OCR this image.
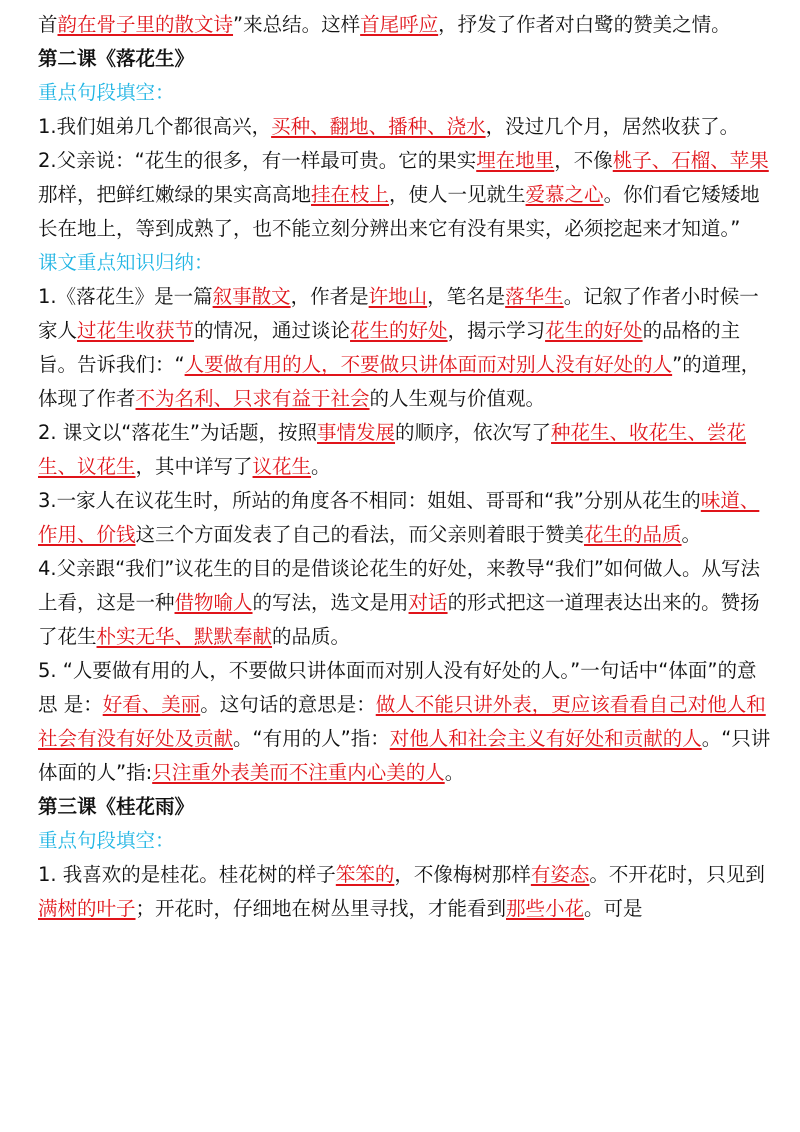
首韵在骨子里的散文诗”来总结。这样首尾呼应，抒发了作者对白鹭的赞美之情。
第二课《落花生》
重点句段填空：
1.我们姐弟几个都很高兴，买种、翻地、播种、浇水，没过几个月，居然收获了。
2.父亲说：“花生的很多，有一样最可贵。它的果实埋在地里，不像桃子、石榴、苹果那样，把鲜红嫩绿的果实高高地挂在枝上，使人一见就生爱慕之心。你们看它矮矮地长在地上，等到成熟了，也不能立刻分辨出来它有没有果实，必须挖起来才知道。”
课文重点知识归纳：
1.《落花生》是一篇叙事散文，作者是许地山，笔名是落华生。记叙了作者小时候一家人过花生收获节的情况，通过谈论花生的好处，揭示学习花生的好处的品格的主旨。告诉我们：“人要做有用的人，不要做只讲体面而对别人没有好处的人”的道理，体现了作者不为名利、只求有益于社会的人生观与价值观。
2. 课文以“落花生”为话题，按照事情发展的顺序，依次写了种花生、收花生、尝花生、议花生，其中详写了议花生。
3.一家人在议花生时，所站的角度各不相同：姐姐、哥哥和“我”分别从花生的味道、作用、价钱这三个方面发表了自己的看法，而父亲则着眼于赞美花生的品质。
4.父亲跟“我们”议花生的目的是借谈论花生的好处，来教导“我们”如何做人。从写法上看，这是一种借物喻人的写法，选文是用对话的形式把这一道理表达出来的。赞扬了花生朴实无华、默默奉献的品质。
5. “人要做有用的人，不要做只讲体面而对别人没有好处的人。”一句话中“体面”的意思 是：好看、美丽。这句话的意思是：做人不能只讲外表，更应该看看自己对他人和社会有没有好处及贡献。“有用的人”指：对他人和社会主义有好处和贡献的人。“只讲体面的人”指:只注重外表美而不注重内心美的人。
第三课《桂花雨》
重点句段填空：
1. 我喜欢的是桂花。桂花树的样子笨笨的，不像梅树那样有姿态。不开花时，只见到满树的叶子；开花时，仔细地在树丛里寻找，才能看到那些小花。可是
